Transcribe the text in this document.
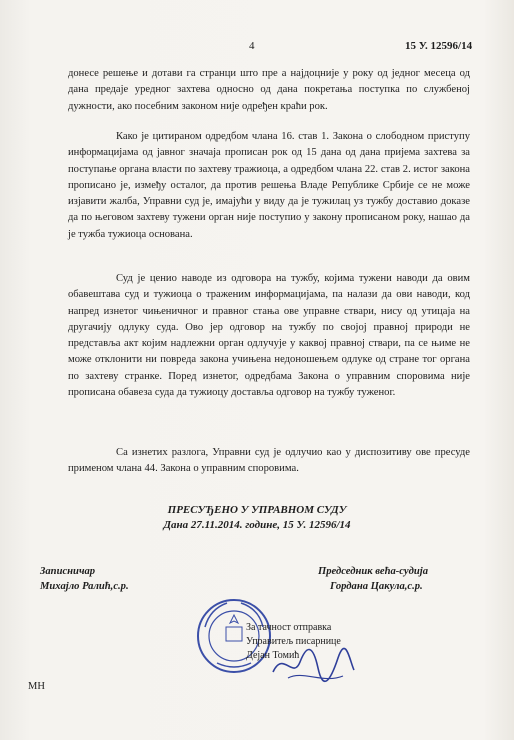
4	15 У. 12596/14
донесе решење и дотави га странци што пре а најдоцније у року од једног месеца од дана предаје уредног захтева односно од дана покретања поступка по службеној дужности, ако посебним законом није одређен краћи рок.
Како је цитираном одредбом члана 16. став 1. Закона о слободном приступу информацијама од јавног значаја прописан рок од 15 дана од дана пријема захтева за поступање органа власти по захтеву тражиоца, а одредбом члана 22. став 2. истог закона прописано је, између осталог, да против решења Владе Републике Србије се не може изјавити жалба, Управни суд је, имајући у виду да је тужилац уз тужбу доставио доказе да по његовом захтеву тужени орган није поступио у закону прописаном року, нашао да је тужба тужиоца основана.
Суд је ценио наводе из одговора на тужбу, којима тужени наводи да овим обавештава суд и тужиоца о траженим информацијама, па налази да ови наводи, код напред изнетог чињеничног и правног стања ове управне ствари, нису од утицаја на другачију одлуку суда. Ово јер одговор на тужбу по својој правној природи не представља акт којим надлежни орган одлучује у каквој правној ствари, па се њиме не може отклонити ни повреда закона учињена недоношењем одлуке од стране тог органа по захтеву странке. Поред изнетог, одредбама Закона о управним споровима није прописана обавеза суда да тужиоцу доставља одговор на тужбу туженог.
Са изнетих разлога, Управни суд је одлучио као у диспозитиву ове пресуде применом члана 44. Закона о управним споровима.
ПРЕСУЂЕНО У УПРАВНОМ СУДУ
Дана 27.11.2014. године, 15 У. 12596/14
Записничар
Михајло Ралић,с.р.
Председник већа-судија
Гордана Цакула,с.р.
За тачност отправка
Управитељ писарнице
Дејан Томић
МН
